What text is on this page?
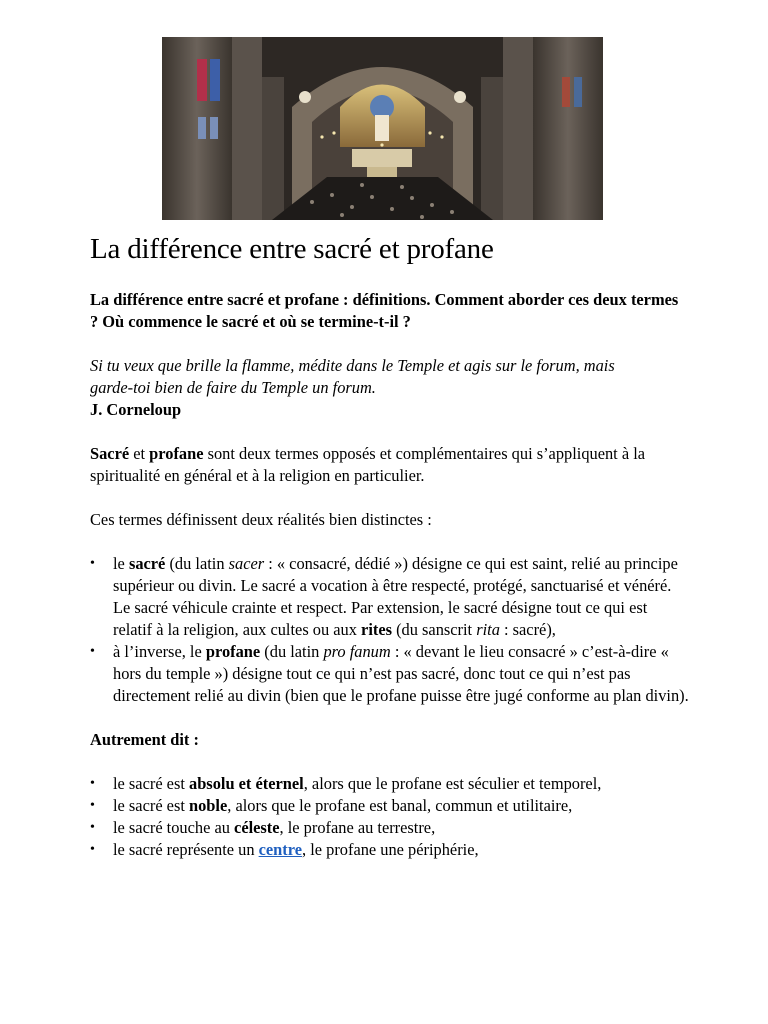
La différence entre sacré et profane

La différence entre sacré et profane : définitions. Comment aborder ces deux termes ? Où commence le sacré et où se termine-t-il ?

Si tu veux que brille la flamme, médite dans le Temple et agis sur le forum, mais
garde-toi bien de faire du Temple un forum.

J. Corneloup

Sacré et profane sont deux termes opposés et complémentaires qui s’appliquent à la spiritualité en général et à la religion en particulier.

Ces termes définissent deux réalités bien distinctes :

•	le sacré (du latin sacer : « consacré, dédié ») désigne ce qui est saint, relié au principe supérieur ou divin. Le sacré a vocation à être respecté, protégé, sanctuarisé et vénéré. Le sacré véhicule crainte et respect. Par extension, le sacré désigne tout ce qui est relatif à la religion, aux cultes ou aux rites (du sanscrit rita : sacré),
•	à l’inverse, le profane (du latin pro fanum : « devant le lieu consacré » c’est-à-dire « hors du temple ») désigne tout ce qui n’est pas sacré, donc tout ce qui n’est pas directement relié au divin (bien que le profane puisse être jugé conforme au plan divin).

Autrement dit :

•	le sacré est absolu et éternel, alors que le profane est séculier et temporel,
•	le sacré est noble, alors que le profane est banal, commun et utilitaire,
•	le sacré touche au céleste, le profane au terrestre,
•	le sacré représente un centre, le profane une périphérie,
